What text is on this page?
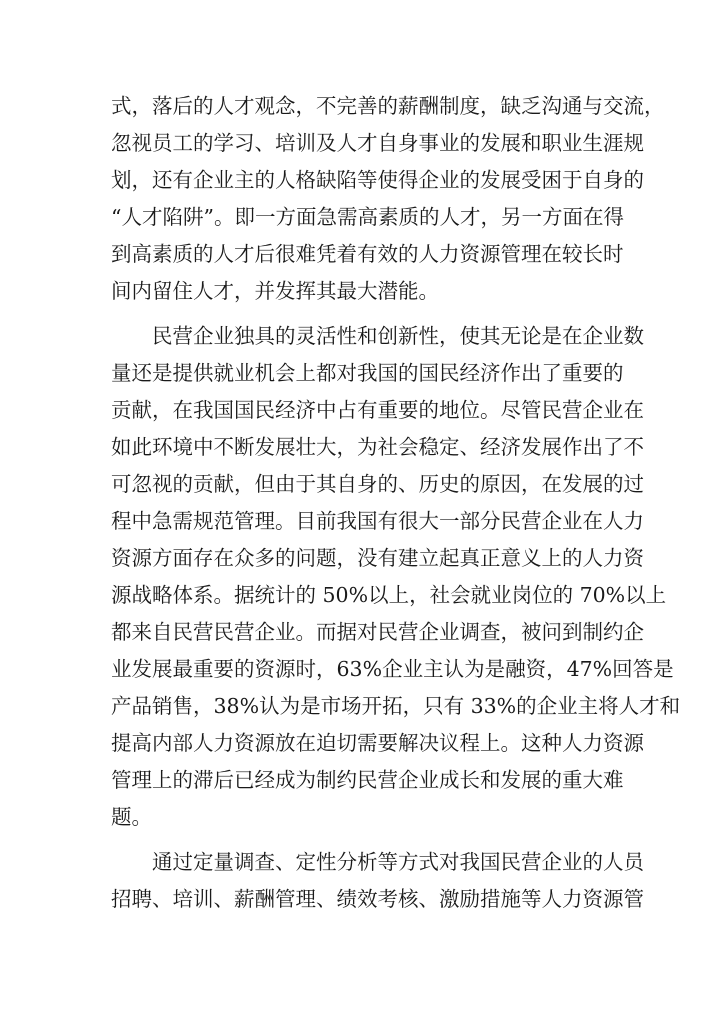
式，落后的人才观念，不完善的薪酬制度，缺乏沟通与交流，
忽视员工的学习、培训及人才自身事业的发展和职业生涯规
划，还有企业主的人格缺陷等使得企业的发展受困于自身的
“人才陷阱”。即一方面急需高素质的人才，另一方面在得
到高素质的人才后很难凭着有效的人力资源管理在较长时
间内留住人才，并发挥其最大潜能。
民营企业独具的灵活性和创新性，使其无论是在企业数
量还是提供就业机会上都对我国的国民经济作出了重要的
贡献，在我国国民经济中占有重要的地位。尽管民营企业在
如此环境中不断发展壮大，为社会稳定、经济发展作出了不
可忽视的贡献，但由于其自身的、历史的原因，在发展的过
程中急需规范管理。目前我国有很大一部分民营企业在人力
资源方面存在众多的问题，没有建立起真正意义上的人力资
源战略体系。据统计的 50%以上，社会就业岗位的 70%以上
都来自民营民营企业。而据对民营企业调查，被问到制约企
业发展最重要的资源时，63%企业主认为是融资，47%回答是
产品销售，38%认为是市场开拓，只有 33%的企业主将人才和
提高内部人力资源放在迫切需要解决议程上。这种人力资源
管理上的滞后已经成为制约民营企业成长和发展的重大难
题。
通过定量调查、定性分析等方式对我国民营企业的人员
招聘、培训、薪酬管理、绩效考核、激励措施等人力资源管
